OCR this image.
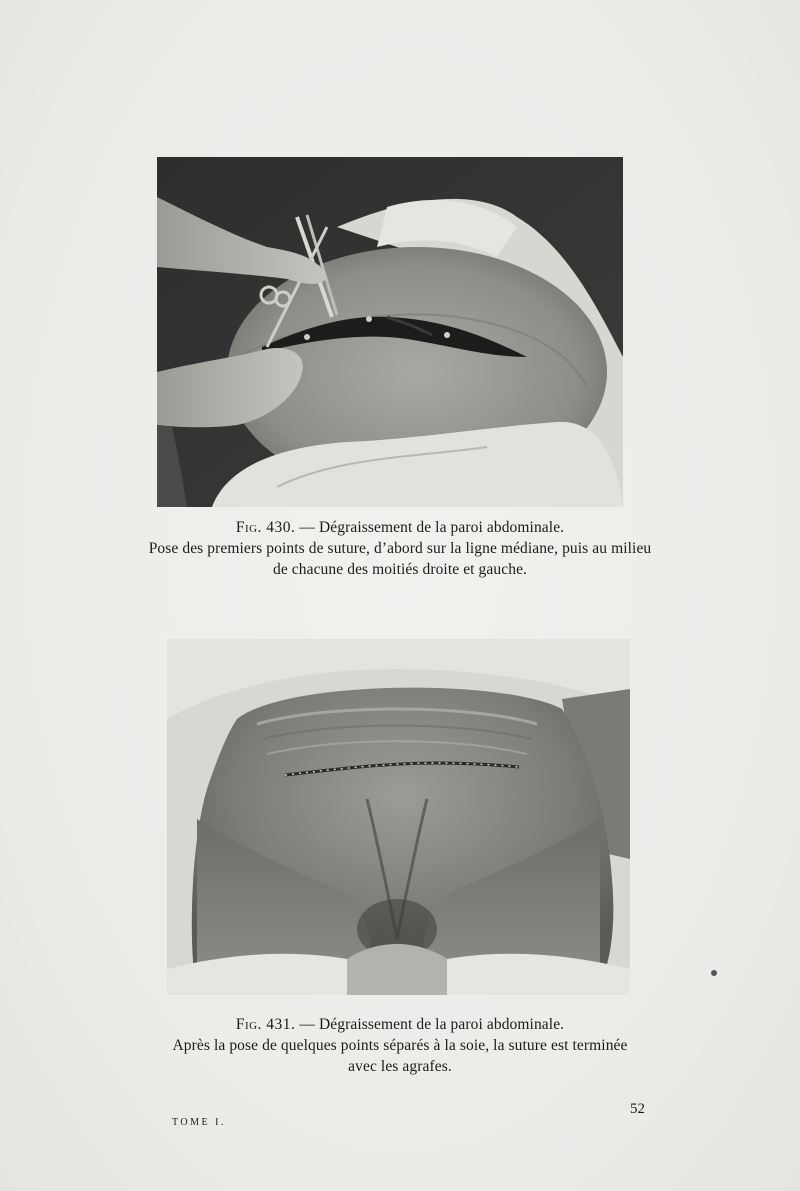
Fig. 430. — Dégraissement de la paroi abdominale.
Pose des premiers points de suture, d’abord sur la ligne médiane, puis au milieu
de chacune des moitiés droite et gauche.
Fig. 431. — Dégraissement de la paroi abdominale.
Après la pose de quelques points séparés à la soie, la suture est terminée
avec les agrafes.
TOME I.
52
